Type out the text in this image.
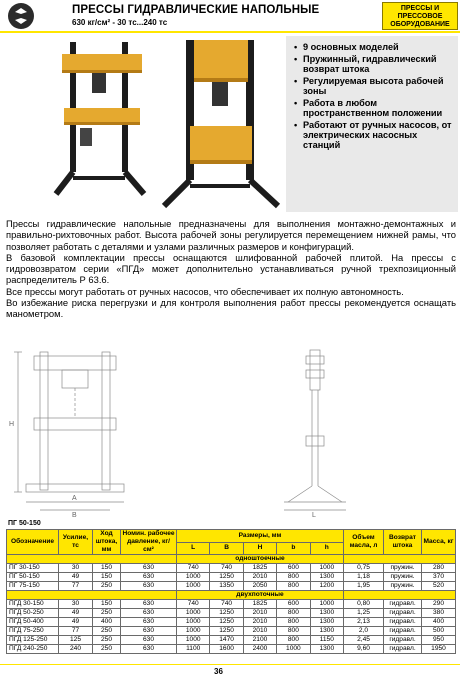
ПРЕССЫ ГИДРАВЛИЧЕСКИЕ НАПОЛЬНЫЕ
630 кг/см² - 30 тс...240 тс
ПРЕССЫ И
ПРЕССОВОЕ
ОБОРУДОВАНИЕ
• 9 основных моделей
• Пружинный, гидравлический возврат штока
• Регулируемая высота рабочей зоны
• Работа в любом пространственном положении
• Работают от ручных насосов, от электрических насосных станций

Прессы гидравлические напольные предназначены для выполнения монтажно-демонтажных и правильно-рихтовочных работ. Высота рабочей зоны регулируется перемещением нижней рамы, что позволяет работать с деталями и узлами различных размеров и конфигураций.

В базовой комплектации прессы оснащаются шлифованной рабочей плитой. На прессы с гидровозвратом серии «ПГД» может дополнительно устанавливаться ручной трехпозиционный распределитель Р 63.6.

Все прессы могут работать от ручных насосов, что обеспечивает их полную автономность.

Во избежание риска перегрузки и для контроля выполнения работ прессы рекомендуется оснащать манометром.

H
A
B	L
ПГ 50-150
Обозначение	Усилие, тс	Ход штока, мм	Номин. рабочее давление, кг/см²	Размеры, мм					Объем масла, л	Возврат штока	Масса, кг
				L	B	H	b	h			
				одноштоечные							
ПГ 30-150	30	150	630	740	740	1825	600	1000	0,75	пружин.	280
ПГ 50-150	49	150	630	1000	1250	2010	800	1300	1,18	пружин.	370
ПГ 75-150	77	250	630	1000	1350	2050	800	1200	1,95	пружин.	520
				двухпоточные							
ПГД 30-150	30	150	630	740	740	1825	600	1000	0,80	гидравл.	290
ПГД 50-250	49	250	630	1000	1250	2010	800	1300	1,25	гидравл.	380
ПГД 50-400	49	400	630	1000	1250	2010	800	1300	2,13	гидравл.	400
ПГД 75-250	77	250	630	1000	1250	2010	800	1300	2,0	гидравл.	500
ПГД 125-250	125	250	630	1000	1470	2100	800	1150	2,45	гидравл.	950
ПГД 240-250	240	250	630	1100	1600	2400	1000	1300	9,60	гидравл.	1950
36
